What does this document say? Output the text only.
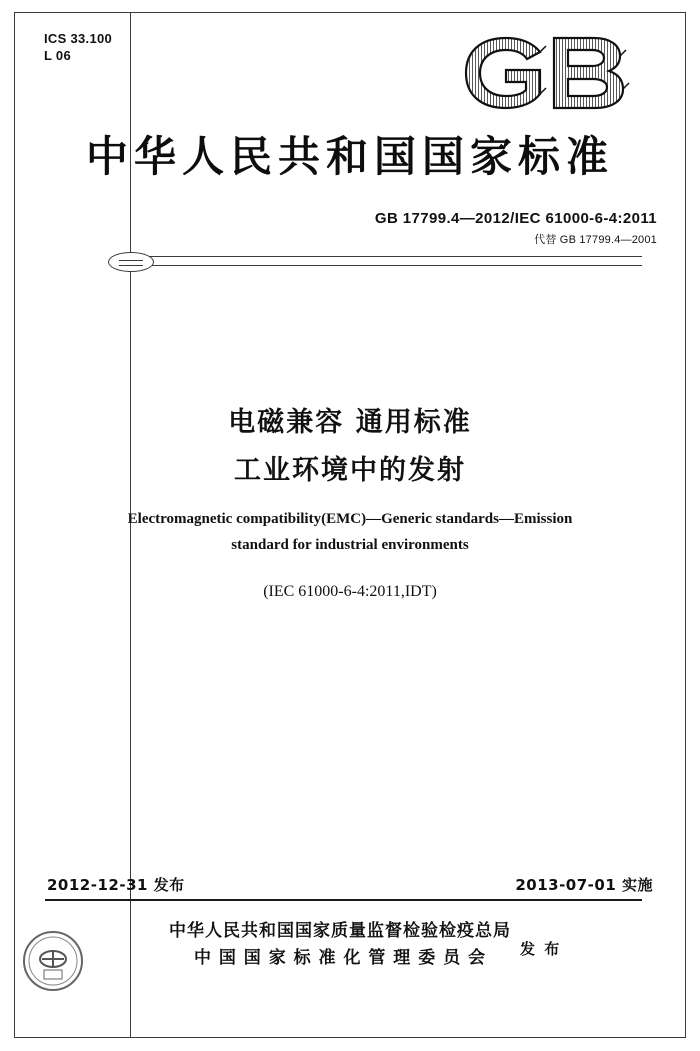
ICS 33.100
L 06
中华人民共和国国家标准
GB 17799.4—2012/IEC 61000-6-4:2011
代替 GB 17799.4—2001
电磁兼容 通用标准
工业环境中的发射
Electromagnetic compatibility(EMC)—Generic standards—Emission
standard for industrial environments
(IEC 61000-6-4:2011,IDT)
2012-12-31 发布	2013-07-01 实施
中华人民共和国国家质量监督检验检疫总局
中 国 国 家 标 准 化 管 理 委 员 会	发 布
